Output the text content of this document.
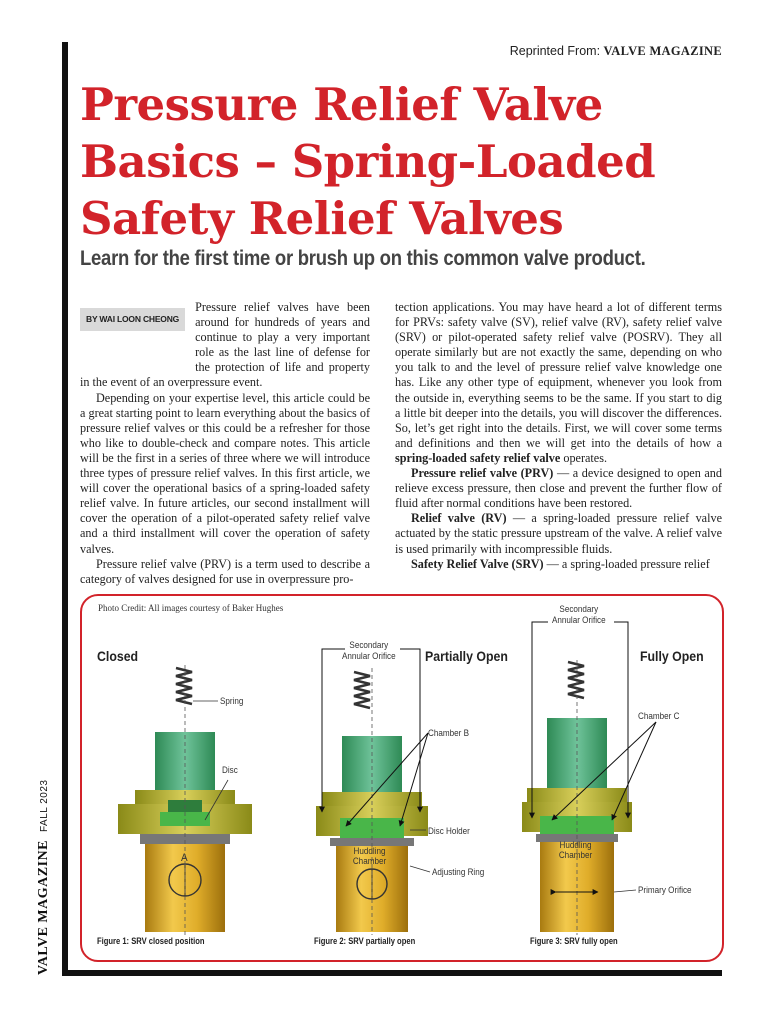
Reprinted From: VALVE MAGAZINE
Pressure Relief Valve Basics – Spring-Loaded Safety Relief Valves
Learn for the first time or brush up on this common valve product.
BY WAI LOON CHEONG

Pressure relief valves have been around for hundreds of years and continue to play a very important role as the last line of defense for the protection of life and property in the event of an overpressure event.

Depending on your expertise level, this article could be a great starting point to learn everything about the basics of pressure relief valves or this could be a refresher for those who like to double-check and compare notes. This article will be the first in a series of three where we will introduce three types of pressure relief valves. In this first article, we will cover the operational basics of a spring-loaded safety relief valve. In future articles, our second installment will cover the operation of a pilot-operated safety relief valve and a third installment will cover the operation of safety valves.

Pressure relief valve (PRV) is a term used to describe a category of valves designed for use in overpressure pro-

tection applications. You may have heard a lot of different terms for PRVs: safety valve (SV), relief valve (RV), safety relief valve (SRV) or pilot-operated safety relief valve (POSRV). They all operate similarly but are not exactly the same, depending on who you talk to and the level of pressure relief valve knowledge one has. Like any other type of equipment, whenever you look from the outside in, everything seems to be the same. If you start to dig a little bit deeper into the details, you will discover the differences. So, let’s get right into the details. First, we will cover some terms and definitions and then we will get into the details of how a spring-loaded safety relief valve operates.

Pressure relief valve (PRV) — a device designed to open and relieve excess pressure, then close and prevent the further flow of fluid after normal conditions have been restored.

Relief valve (RV) — a spring-loaded pressure relief valve actuated by the static pressure upstream of the valve. A relief valve is used primarily with incompressible fluids.

Safety Relief Valve (SRV) — a spring-loaded pressure relief

VALVE MAGAZINEFALL 2023
Photo Credit: All images courtesy of Baker Hughes
Closed	Partially Open	Fully Open
Spring
Disc
A
Secondary
Annular Orifice
Chamber B
Disc Holder
Huddling
Chamber
Adjusting Ring
Secondary
Annular Orifice
Chamber C
Huddling
Chamber
Primary Orifice
Figure 1: SRV closed position	Figure 2: SRV partially open	Figure 3: SRV fully open
